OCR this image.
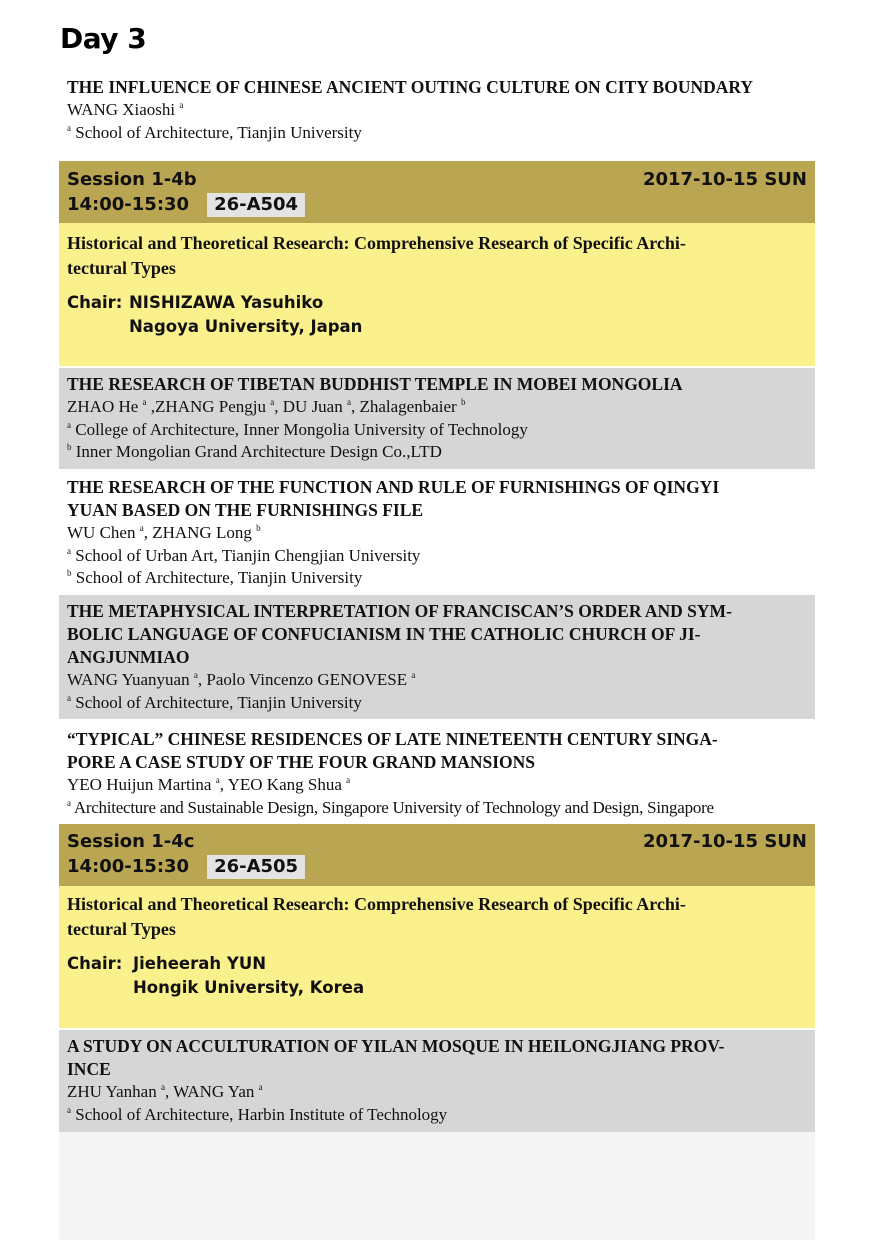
Day 3
THE INFLUENCE OF CHINESE ANCIENT OUTING CULTURE ON CITY BOUNDARY
WANG Xiaoshi $^a$
$^a$ School of Architecture, Tianjin University
Session 1-4b	2017-10-15 SUN
14:00-15:30 26-A504
Historical and Theoretical Research: Comprehensive Research of Specific Archi-
tectural Types
Chair: NISHIZAWA Yasuhiko
Nagoya University, Japan
THE RESEARCH OF TIBETAN BUDDHIST TEMPLE IN MOBEI MONGOLIA
ZHAO He $^a$ ,ZHANG Pengju $^a$, DU Juan $^a$, Zhalagenbaier $^b$
$^a$ College of Architecture, Inner Mongolia University of Technology
$^b$ Inner Mongolian Grand Architecture Design Co.,LTD
THE RESEARCH OF THE FUNCTION AND RULE OF FURNISHINGS OF QINGYI
YUAN BASED ON THE FURNISHINGS FILE
WU Chen $^a$, ZHANG Long $^b$
$^a$ School of Urban Art, Tianjin Chengjian University
$^b$ School of Architecture, Tianjin University
THE METAPHYSICAL INTERPRETATION OF FRANCISCAN’S ORDER AND SYM-
BOLIC LANGUAGE OF CONFUCIANISM IN THE CATHOLIC CHURCH OF JI-
ANGJUNMIAO
WANG Yuanyuan $^a$, Paolo Vincenzo GENOVESE $^a$
$^a$ School of Architecture, Tianjin University
“TYPICAL” CHINESE RESIDENCES OF LATE NINETEENTH CENTURY SINGA-
PORE A CASE STUDY OF THE FOUR GRAND MANSIONS
YEO Huijun Martina $^a$, YEO Kang Shua $^a$
$^a$ Architecture and Sustainable Design, Singapore University of Technology and Design, Singapore
Session 1-4c	2017-10-15 SUN
14:00-15:30 26-A505
Historical and Theoretical Research: Comprehensive Research of Specific Archi-
tectural Types
Chair: Jieheerah YUN
Hongik University, Korea
A STUDY ON ACCULTURATION OF YILAN MOSQUE IN HEILONGJIANG PROV-
INCE
ZHU Yanhan $^a$, WANG Yan $^a$
$^a$ School of Architecture, Harbin Institute of Technology
